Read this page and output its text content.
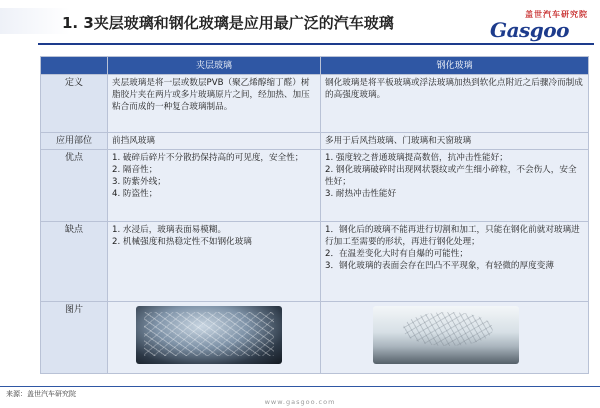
1. 3夹层玻璃和钢化玻璃是应用最广泛的汽车玻璃	盖世汽车研究院
Gasgoo
	夹层玻璃	钢化玻璃
定义	夹层玻璃是将一层或数层PVB（聚乙烯醇缩丁醛）树脂胶片夹在两片或多片玻璃原片之间，经加热、加压粘合而成的一种复合玻璃制品。	钢化玻璃是将平板玻璃或浮法玻璃加热到软化点附近之后骤冷而制成的高强度玻璃。

应用部位	前挡风玻璃	多用于后风挡玻璃、门玻璃和天窗玻璃

优点	1. 破碎后碎片不分散扔保持高的可见度，安全性；
2. 隔音性；
3. 防紫外线；
4. 防盗性；	1. 强度较之普通玻璃提高数倍，抗冲击性能好；
2. 钢化玻璃破碎时出现网状裂纹或产生细小碎粒，不会伤人，安全性好；
3. 耐热冲击性能好

缺点	1. 水浸后，玻璃表面易模糊。
2. 机械强度和热稳定性不如钢化玻璃	1．钢化后的玻璃不能再进行切割和加工，只能在钢化前就对玻璃进行加工至需要的形状，再进行钢化处理；
2．在温差变化大时有自爆的可能性；
3．钢化玻璃的表面会存在凹凸不平现象，有轻微的厚度变薄

图片	

来源：盖世汽车研究院
www.gasgoo.com
